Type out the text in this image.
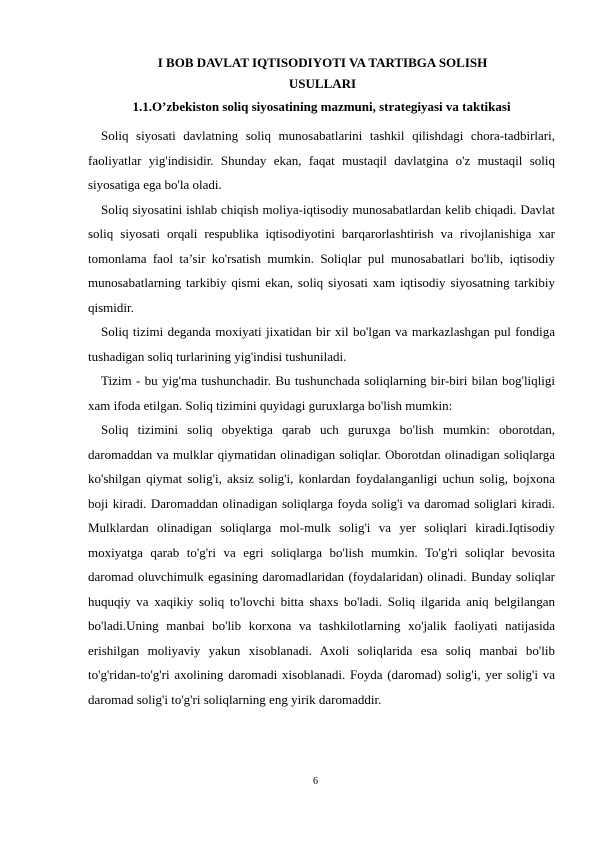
I BOB DAVLAT IQTISODIYOTI VA TARTIBGA SOLISH
USULLARI
1.1.O’zbekiston soliq siyosatining mazmuni, strategiyasi va taktikasi

Soliq siyosati davlatning soliq munosabatlarini tashkil qilishdagi chora-tadbirlari, faoliyatlar yig'indisidir. Shunday ekan, faqat mustaqil davlatgina o'z mustaqil soliq siyosatiga ega bo'la oladi.

Soliq siyosatini ishlab chiqish moliya-iqtisodiy munosabatlardan kelib chiqadi. Davlat soliq siyosati orqali respublika iqtisodiyotini barqarorlashtirish va rivojlanishiga xar tomonlama faol ta’sir ko'rsatish mumkin. Soliqlar pul munosabatlari bo'lib, iqtisodiy munosabatlarning tarkibiy qismi ekan, soliq siyosati xam iqtisodiy siyosatning tarkibiy qismidir.

Soliq tizimi deganda moxiyati jixatidan bir xil bo'lgan va markazlashgan pul fondiga tushadigan soliq turlarining yig'indisi tushuniladi.

Tizim - bu yig'ma tushunchadir. Bu tushunchada soliqlarning bir-biri bilan bog'liqligi xam ifoda etilgan. Soliq tizimini quyidagi guruxlarga bo'lish mumkin:

Soliq tizimini soliq obyektiga qarab uch guruxga bo'lish mumkin: oborotdan, daromaddan va mulklar qiymatidan olinadigan soliqlar. Oborotdan olinadigan soliqlarga ko'shilgan qiymat solig'i, aksiz solig'i, konlardan foydalanganligi uchun solig, bojxona boji kiradi. Daromaddan olinadigan soliqlarga foyda solig'i va daromad soliglari kiradi. Mulklardan olinadigan soliqlarga mol-mulk solig'i va yer soliqlari kiradi.Iqtisodiy moxiyatga qarab to'g'ri va egri soliqlarga bo'lish mumkin. To'g'ri soliqlar bevosita daromad oluvchimulk egasining daromadlaridan (foydalaridan) olinadi. Bunday soliqlar huquqiy va xaqikiy soliq to'lovchi bitta shaxs bo'ladi. Soliq ilgarida aniq belgilangan bo'ladi.Uning manbai bo'lib korxona va tashkilotlarning xo'jalik faoliyati natijasida erishilgan moliyaviy yakun xisoblanadi. Axoli soliqlarida esa soliq manbai bo'lib to'g'ridan-to'g'ri axolining daromadi xisoblanadi. Foyda (daromad) solig'i, yer solig'i va daromad solig'i to'g'ri soliqlarning eng yirik daromaddir.

6
